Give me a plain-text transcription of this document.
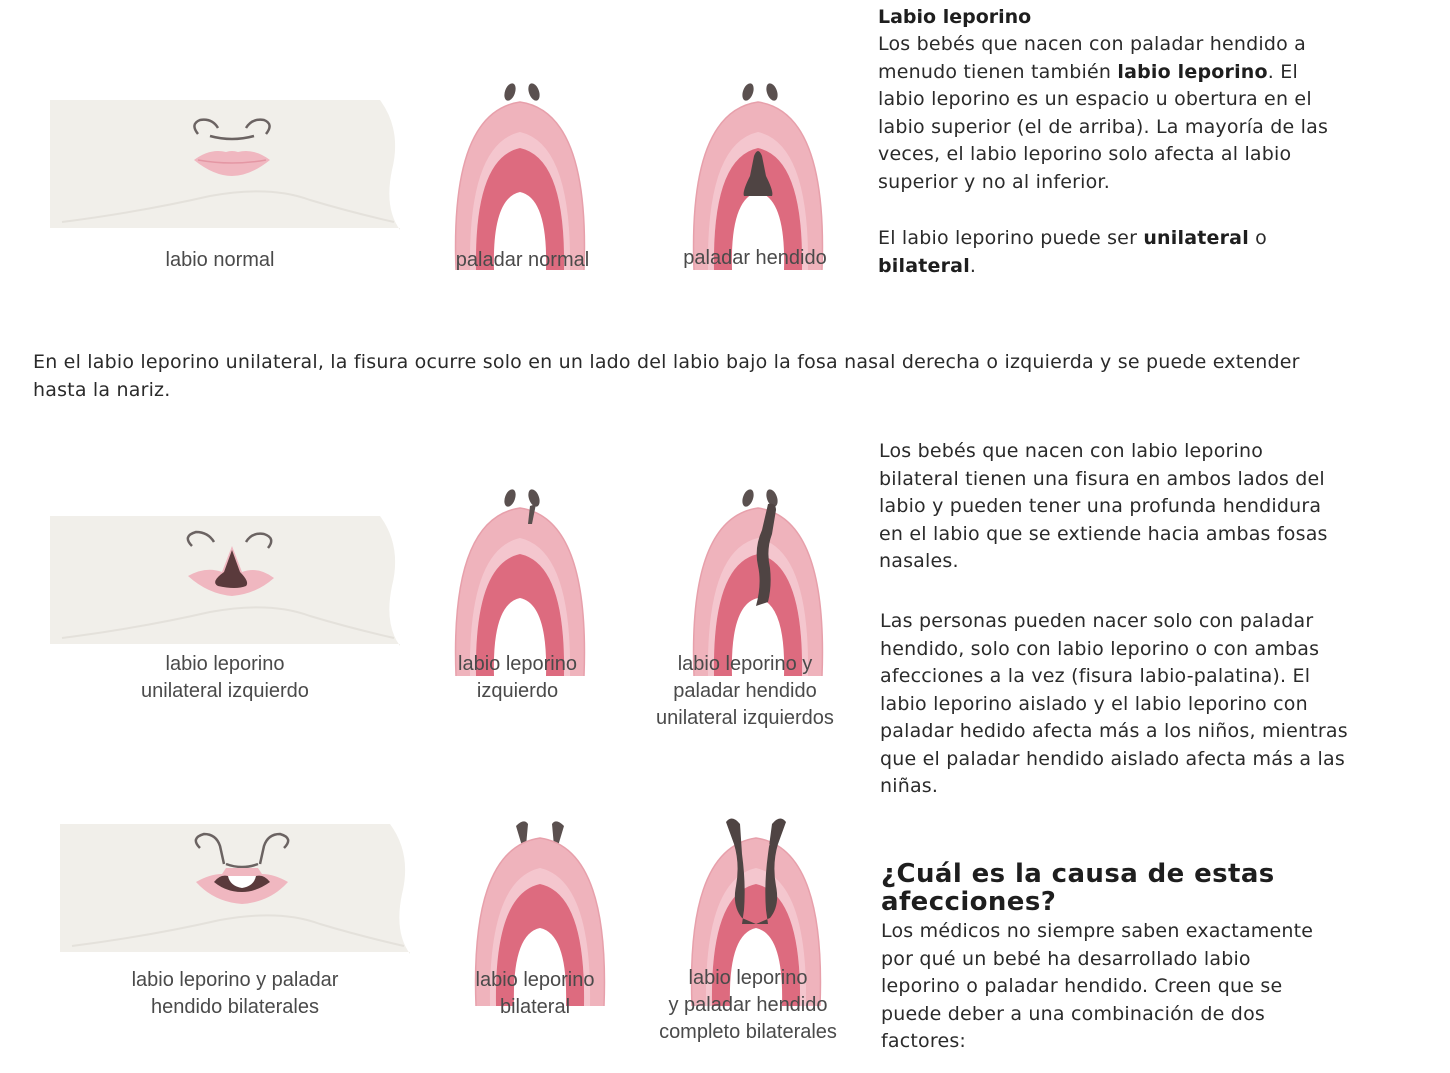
Labio leporino
Los bebés que nacen con paladar hendido a menudo tienen también labio leporino. El labio leporino es un espacio u obertura en el labio superior (el de arriba). La mayoría de las veces, el labio leporino solo afecta al labio superior y no al inferior.
El labio leporino puede ser unilateral o bilateral.
En el labio leporino unilateral, la fisura ocurre solo en un lado del labio bajo la fosa nasal derecha o izquierda y se puede extender hasta la nariz.
Los bebés que nacen con labio leporino bilateral tienen una fisura en ambos lados del labio y pueden tener una profunda hendidura en el labio que se extiende hacia ambas fosas nasales.
Las personas pueden nacer solo con paladar hendido, solo con labio leporino o con ambas afecciones a la vez (fisura labio-palatina). El labio leporino aislado y el labio leporino con paladar hedido afecta más a los niños, mientras que el paladar hendido aislado afecta más a las niñas.
¿Cuál es la causa de estas afecciones?
Los médicos no siempre saben exactamente por qué un bebé ha desarrollado labio leporino o paladar hendido. Creen que se puede deber a una combinación de dos factores:
labio normal	paladar normal	paladar hendido
labio leporino
unilateral izquierdo
labio leporino
izquierdo
labio leporino y
paladar hendido
unilateral izquierdos
labio leporino y paladar
hendido bilaterales
labio leporino
bilateral
labio leporino
y paladar hendido
completo bilaterales
